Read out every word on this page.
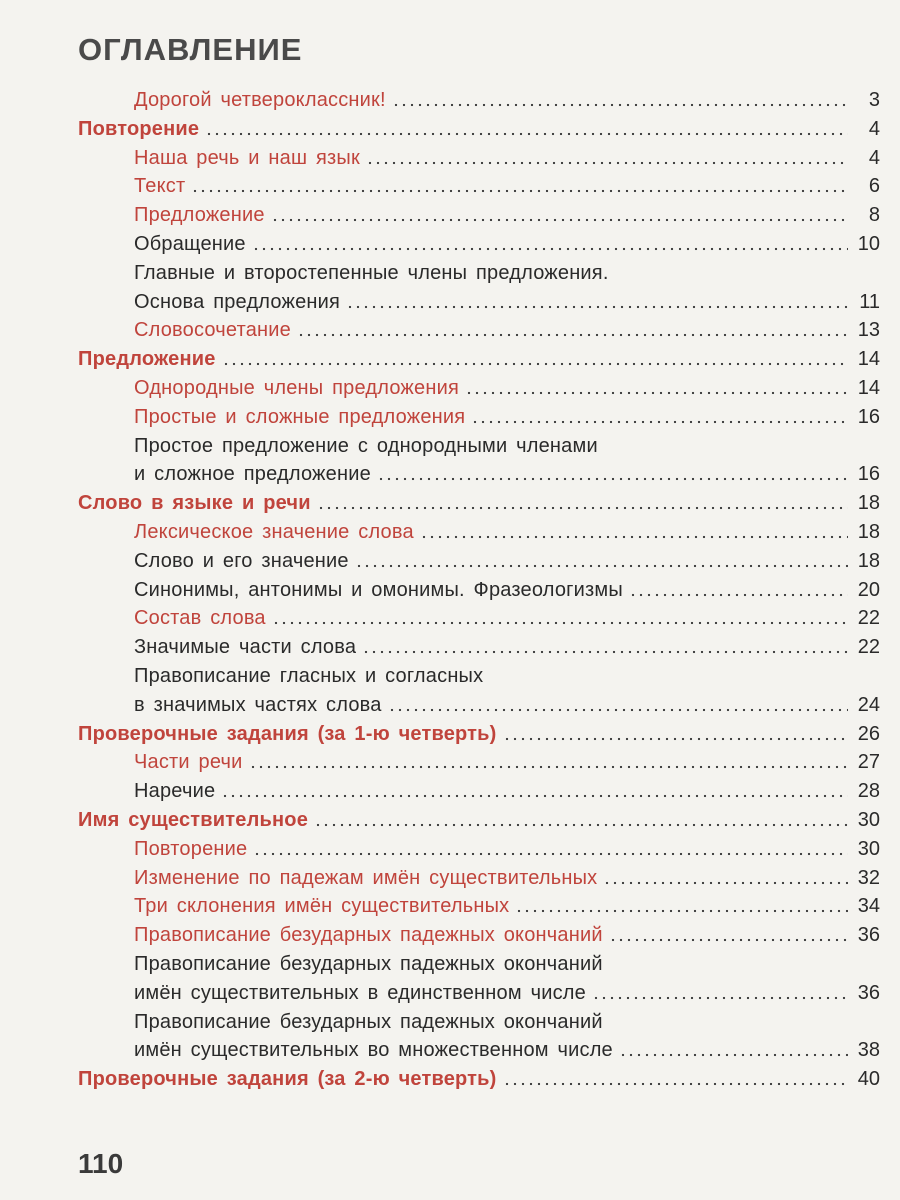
ОГЛАВЛЕНИЕ
Дорогой четвероклассник!	3
Повторение	4
Наша речь и наш язык	4
Текст	6
Предложение	8
Обращение	10
Главные и второстепенные члены предложения.
Основа предложения	11
Словосочетание	13
Предложение	14
Однородные члены предложения	14
Простые и сложные предложения	16
Простое предложение с однородными членами
и сложное предложение	16
Слово в языке и речи	18
Лексическое значение слова	18
Слово и его значение	18
Синонимы, антонимы и омонимы. Фразеологизмы	20
Состав слова	22
Значимые части слова	22
Правописание гласных и согласных
в значимых частях слова	24
Проверочные задания (за 1-ю четверть)	26
Части речи	27
Наречие	28
Имя существительное	30
Повторение	30
Изменение по падежам имён существительных	32
Три склонения имён существительных	34
Правописание безударных падежных окончаний	36
Правописание безударных падежных окончаний
имён существительных в единственном числе	36
Правописание безударных падежных окончаний
имён существительных во множественном числе	38
Проверочные задания (за 2-ю четверть)	40
110
